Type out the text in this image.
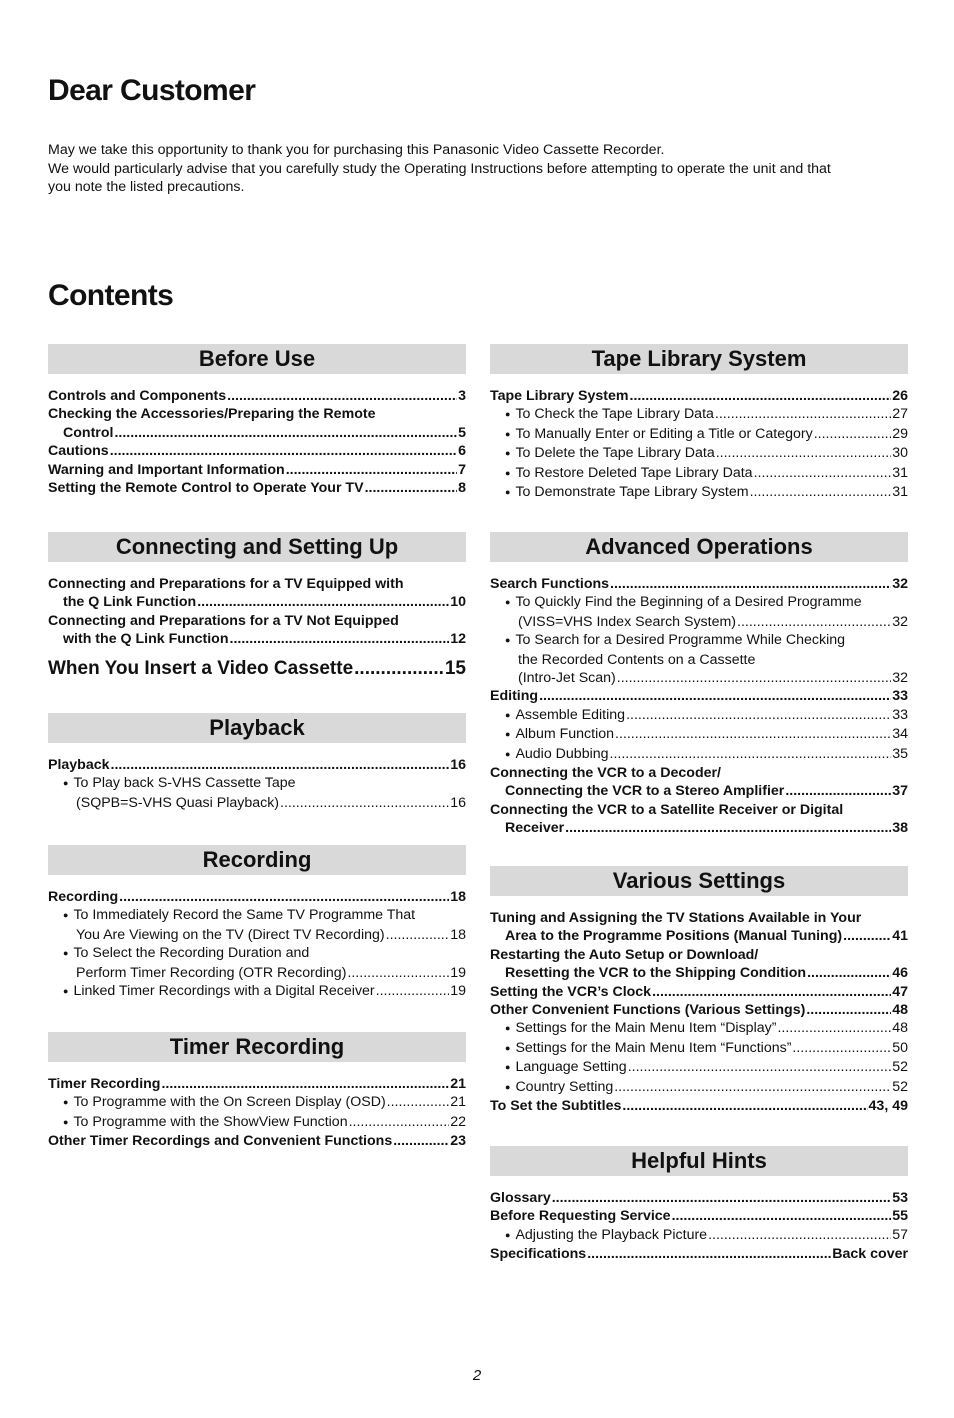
Dear Customer

May we take this opportunity to thank you for purchasing this Panasonic Video Cassette Recorder.

We would particularly advise that you carefully study the Operating Instructions before attempting to operate the unit and that

you note the listed precautions.

Contents
Before Use
Controls and Components .....	3
Checking the Accessories/Preparing the Remote
Control .....	5
Cautions .....	6
Warning and Important Information .....	7
Setting the Remote Control to Operate Your TV .....	8
Connecting and Setting Up
Connecting and Preparations for a TV Equipped with
the Q Link Function .....	10
Connecting and Preparations for a TV Not Equipped
with the Q Link Function .....	12
When You Insert a Video Cassette .....	15
Playback
Playback .....	16
● To Play back S-VHS Cassette Tape
(SQPB=S-VHS Quasi Playback) .....	16
Recording
Recording .....	18
● To Immediately Record the Same TV Programme That
You Are Viewing on the TV (Direct TV Recording) .....	18
● To Select the Recording Duration and
Perform Timer Recording (OTR Recording) .....	19
● Linked Timer Recordings with a Digital Receiver .....	19
Timer Recording
Timer Recording .....	21
● To Programme with the On Screen Display (OSD) .....	21
● To Programme with the ShowView Function .....	22
Other Timer Recordings and Convenient Functions .....	23
Tape Library System
Tape Library System .....	26
● To Check the Tape Library Data .....	27
● To Manually Enter or Editing a Title or Category .....	29
● To Delete the Tape Library Data .....	30
● To Restore Deleted Tape Library Data .....	31
● To Demonstrate Tape Library System .....	31
Advanced Operations
Search Functions .....	32
● To Quickly Find the Beginning of a Desired Programme
(VISS=VHS Index Search System) .....	32
● To Search for a Desired Programme While Checking
the Recorded Contents on a Cassette
(Intro-Jet Scan) .....	32
Editing .....	33
● Assemble Editing .....	33
● Album Function .....	34
● Audio Dubbing .....	35
Connecting the VCR to a Decoder/
Connecting the VCR to a Stereo Amplifier .....	37
Connecting the VCR to a Satellite Receiver or Digital
Receiver .....	38
Various Settings
Tuning and Assigning the TV Stations Available in Your
Area to the Programme Positions (Manual Tuning) .....	41
Restarting the Auto Setup or Download/
Resetting the VCR to the Shipping Condition .....	46
Setting the VCR’s Clock .....	47
Other Convenient Functions (Various Settings) .....	48
● Settings for the Main Menu Item “Display” .....	48
● Settings for the Main Menu Item “Functions” .....	50
● Language Setting .....	52
● Country Setting .....	52
To Set the Subtitles .....	43, 49
Helpful Hints
Glossary .....	53
Before Requesting Service .....	55
● Adjusting the Playback Picture .....	57
Specifications .....	Back cover
2
